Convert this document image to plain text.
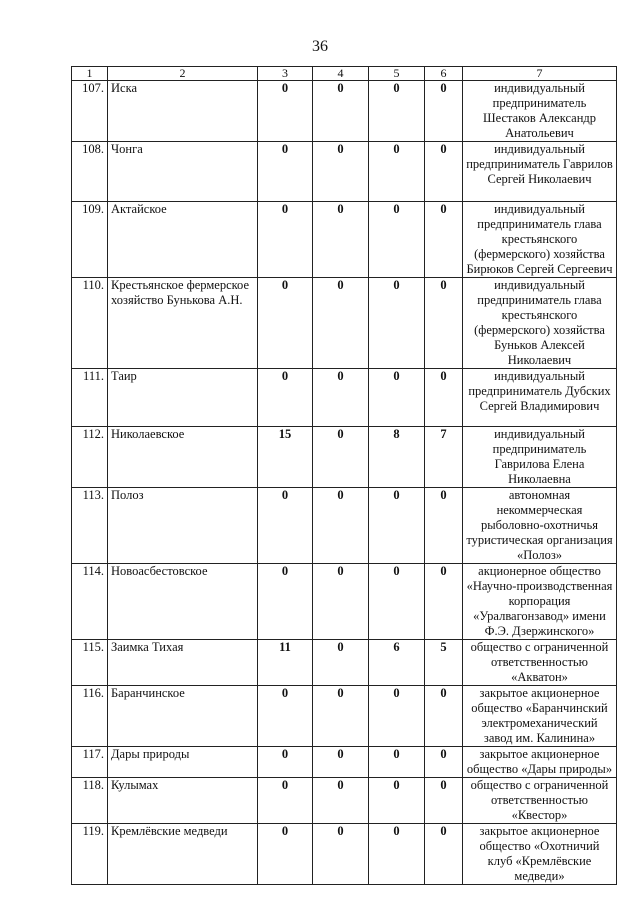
36
1	2	3	4	5	6	7
107.	Иска	0	0	0	0	индивидуальный предприниматель Шестаков Александр Анатольевич
108.	Чонга	0	0	0	0	индивидуальный предприниматель Гаврилов Сергей Николаевич
109.	Актайское	0	0	0	0	индивидуальный предприниматель глава крестьянского (фермерского) хозяйства Бирюков Сергей Сергеевич
110.	Крестьянское фермерское хозяйство Бунькова А.Н.	0	0	0	0	индивидуальный предприниматель глава крестьянского (фермерского) хозяйства Буньков Алексей Николаевич
111.	Таир	0	0	0	0	индивидуальный предприниматель Дубских Сергей Владимирович
112.	Николаевское	15	0	8	7	индивидуальный предприниматель Гаврилова Елена Николаевна
113.	Полоз	0	0	0	0	автономная некоммерческая рыболовно-охотничья туристическая организация «Полоз»
114.	Новоасбестовское	0	0	0	0	акционерное общество «Научно-производственная корпорация «Уралвагонзавод» имени Ф.Э. Дзержинского»
115.	Заимка Тихая	11	0	6	5	общество с ограниченной ответственностью «Акватон»
116.	Баранчинское	0	0	0	0	закрытое акционерное общество «Баранчинский электромеханический завод им. Калинина»
117.	Дары природы	0	0	0	0	закрытое акционерное общество «Дары природы»
118.	Кулымах	0	0	0	0	общество с ограниченной ответственностью «Квестор»
119.	Кремлёвские медведи	0	0	0	0	закрытое акционерное общество «Охотничий клуб «Кремлёвские медведи»
